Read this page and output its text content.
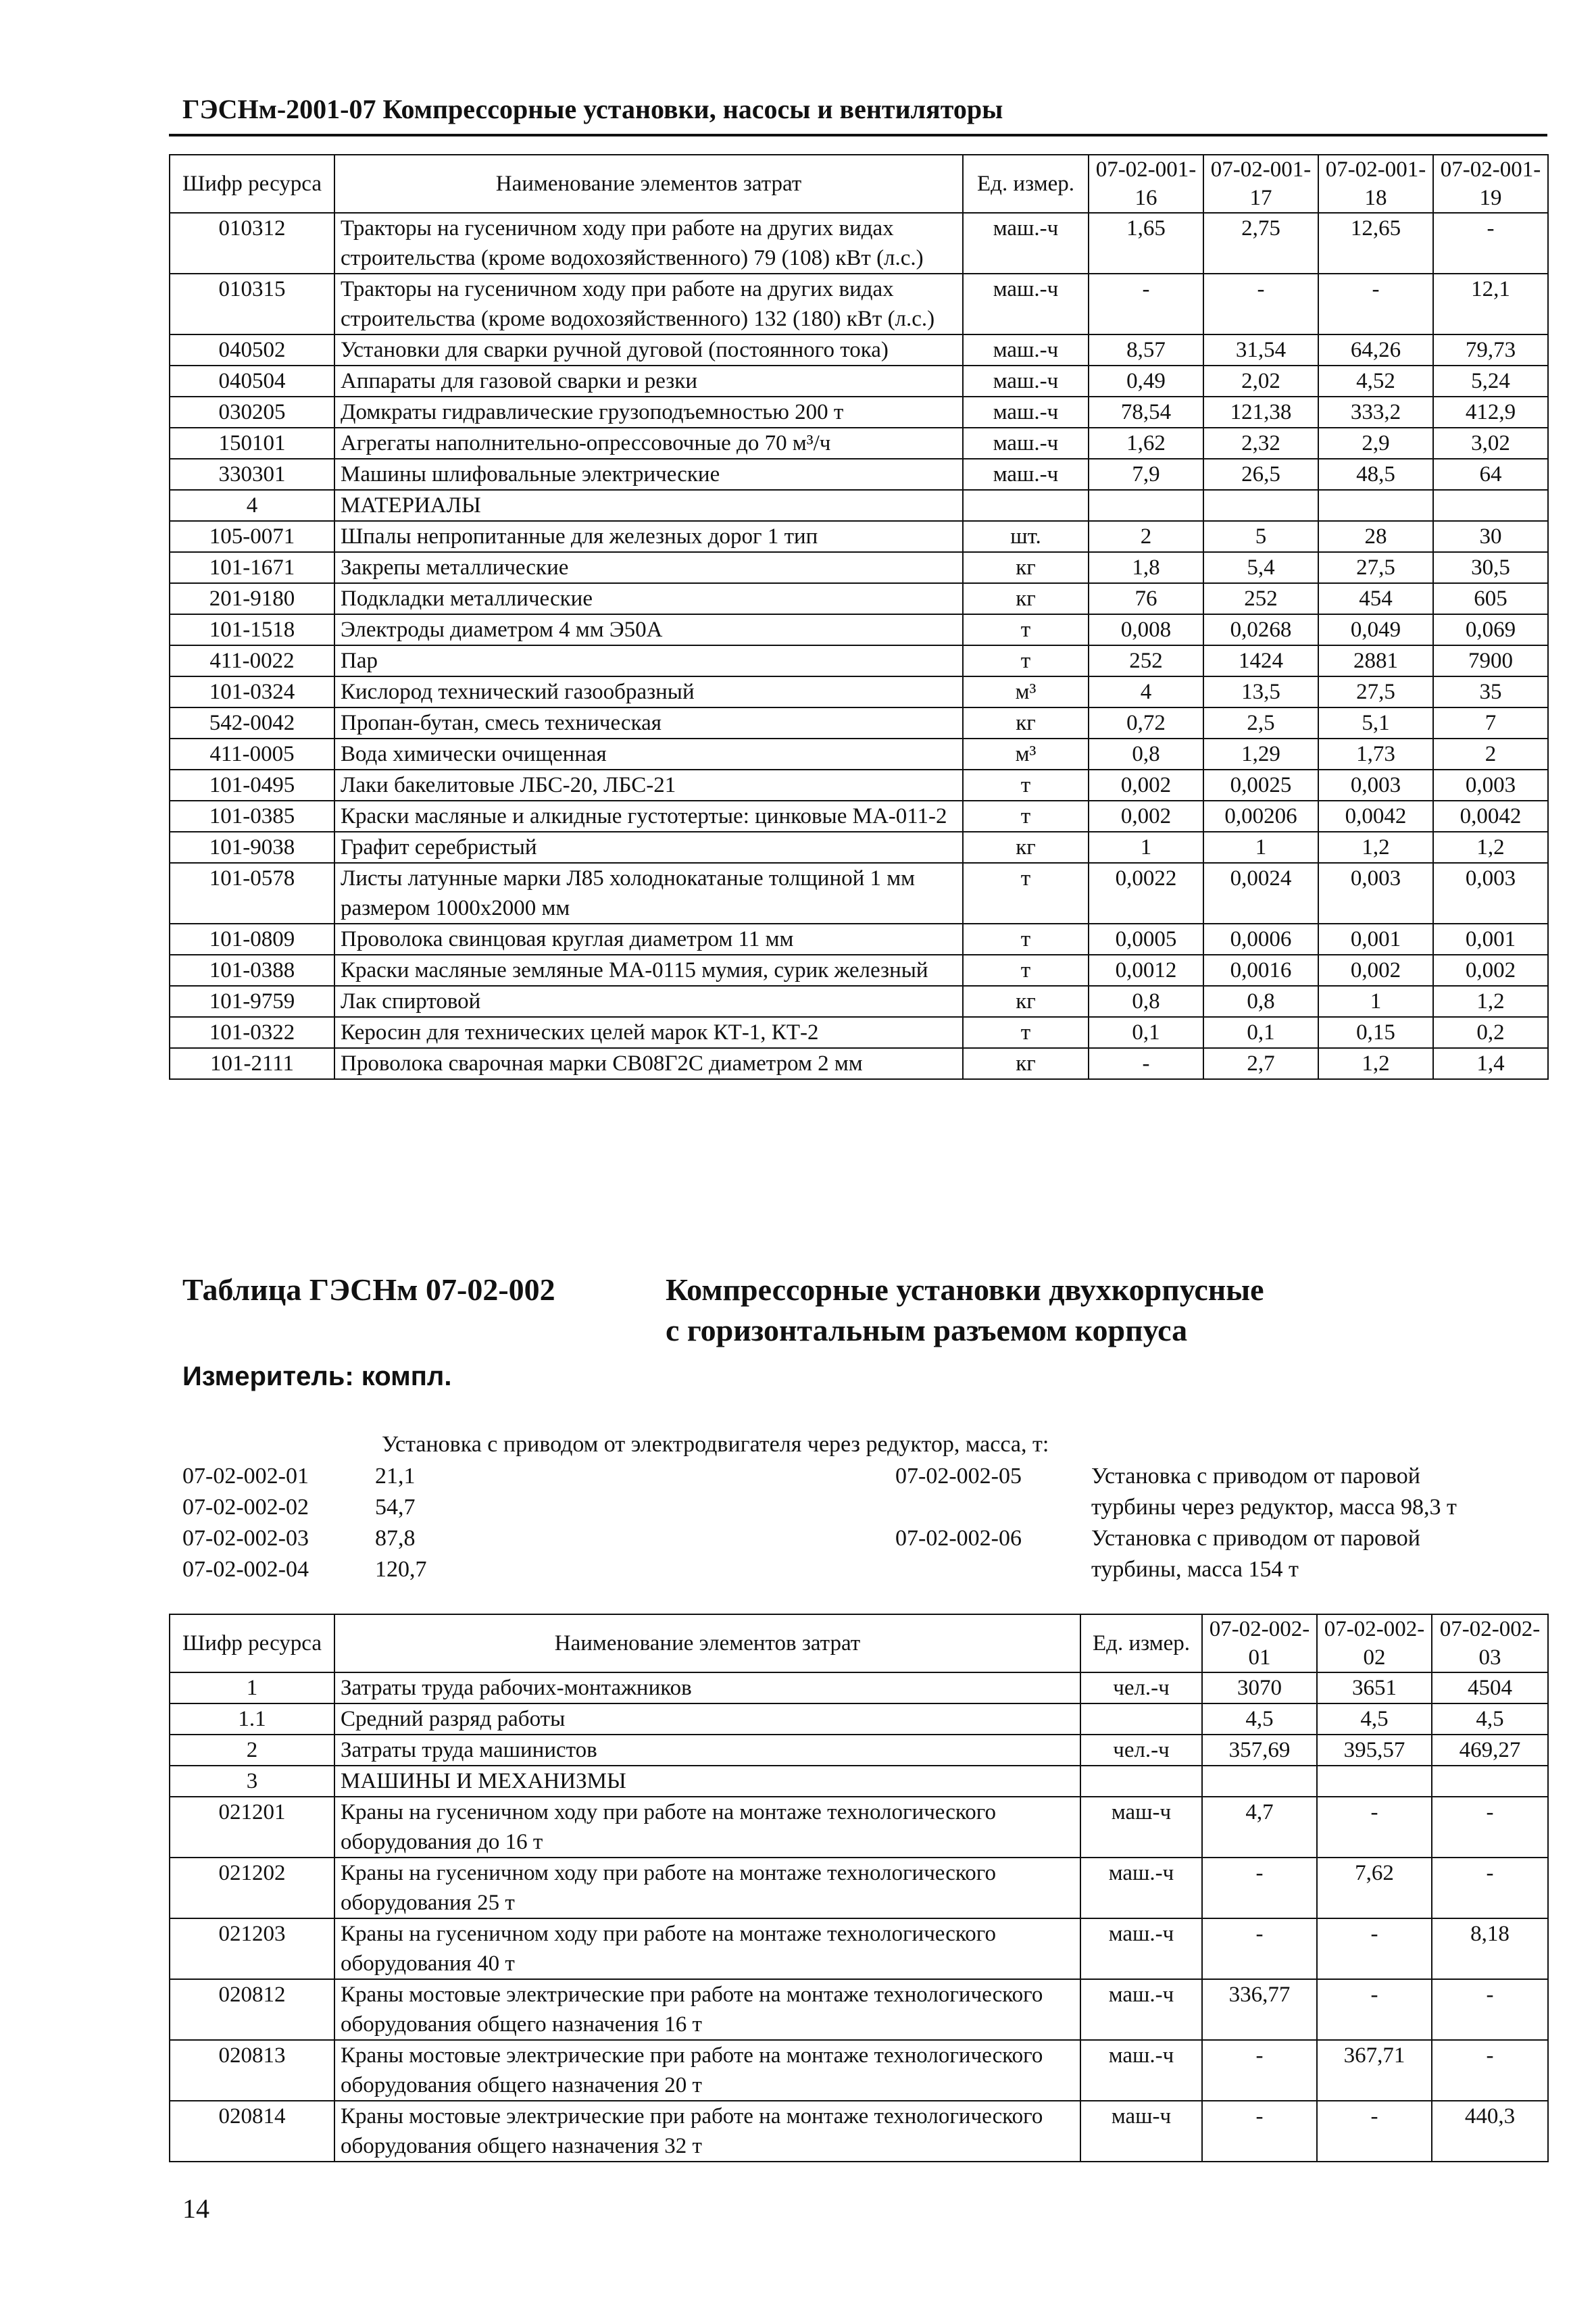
ГЭСНм-2001-07 Компрессорные установки, насосы и вентиляторы
Шифр ресурса	Наименование элементов затрат	Ед. измер.	07-02-001-16	07-02-001-17	07-02-001-18	07-02-001-19
010312	Тракторы на гусеничном ходу при работе на других видах строительства (кроме водохозяйственного) 79 (108) кВт (л.с.)	маш.-ч	1,65	2,75	12,65	-
010315	Тракторы на гусеничном ходу при работе на других видах строительства (кроме водохозяйственного) 132 (180) кВт (л.с.)	маш.-ч	-	-	-	12,1
040502	Установки для сварки ручной дуговой (постоянного тока)	маш.-ч	8,57	31,54	64,26	79,73
040504	Аппараты для газовой сварки и резки	маш.-ч	0,49	2,02	4,52	5,24
030205	Домкраты гидравлические грузоподъемностью 200 т	маш.-ч	78,54	121,38	333,2	412,9
150101	Агрегаты наполнительно-опрессовочные до 70 м³/ч	маш.-ч	1,62	2,32	2,9	3,02
330301	Машины шлифовальные электрические	маш.-ч	7,9	26,5	48,5	64
4	МАТЕРИАЛЫ					
105-0071	Шпалы непропитанные для железных дорог 1 тип	шт.	2	5	28	30
101-1671	Закрепы металлические	кг	1,8	5,4	27,5	30,5
201-9180	Подкладки металлические	кг	76	252	454	605
101-1518	Электроды диаметром 4 мм Э50А	т	0,008	0,0268	0,049	0,069
411-0022	Пар	т	252	1424	2881	7900
101-0324	Кислород технический газообразный	м³	4	13,5	27,5	35
542-0042	Пропан-бутан, смесь техническая	кг	0,72	2,5	5,1	7
411-0005	Вода химически очищенная	м³	0,8	1,29	1,73	2
101-0495	Лаки бакелитовые ЛБС-20, ЛБС-21	т	0,002	0,0025	0,003	0,003
101-0385	Краски масляные и алкидные густотертые: цинковые МА-011-2	т	0,002	0,00206	0,0042	0,0042
101-9038	Графит серебристый	кг	1	1	1,2	1,2
101-0578	Листы латунные марки Л85 холоднокатаные толщиной 1 мм размером 1000х2000 мм	т	0,0022	0,0024	0,003	0,003
101-0809	Проволока свинцовая круглая диаметром 11 мм	т	0,0005	0,0006	0,001	0,001
101-0388	Краски масляные земляные МА-0115 мумия, сурик железный	т	0,0012	0,0016	0,002	0,002
101-9759	Лак спиртовой	кг	0,8	0,8	1	1,2
101-0322	Керосин для технических целей марок КТ-1, КТ-2	т	0,1	0,1	0,15	0,2
101-2111	Проволока сварочная марки СВ08Г2С диаметром 2 мм	кг	-	2,7	1,2	1,4
Таблица ГЭСНм 07-02-002	Компрессорные установки двухкорпусные
с горизонтальным разъемом корпуса
Измеритель: компл.
Установка с приводом от электродвигателя через редуктор, масса, т:
07-02-002-01	21,1
07-02-002-02	54,7
07-02-002-03	87,8
07-02-002-04	120,7
07-02-002-05	Установка с приводом от паровой
турбины через редуктор, масса 98,3 т
07-02-002-06	Установка с приводом от паровой
турбины, масса 154 т
Шифр ресурса	Наименование элементов затрат	Ед. измер.	07-02-002-01	07-02-002-02	07-02-002-03
1	Затраты труда рабочих-монтажников	чел.-ч	3070	3651	4504
1.1	Средний разряд работы		4,5	4,5	4,5
2	Затраты труда машинистов	чел.-ч	357,69	395,57	469,27
3	МАШИНЫ И МЕХАНИЗМЫ				
021201	Краны на гусеничном ходу при работе на монтаже технологического оборудования до 16 т	маш-ч	4,7	-	-
021202	Краны на гусеничном ходу при работе на монтаже технологического оборудования 25 т	маш.-ч	-	7,62	-
021203	Краны на гусеничном ходу при работе на монтаже технологического оборудования 40 т	маш.-ч	-	-	8,18
020812	Краны мостовые электрические при работе на монтаже технологического оборудования общего назначения 16 т	маш.-ч	336,77	-	-
020813	Краны мостовые электрические при работе на монтаже технологического оборудования общего назначения 20 т	маш.-ч	-	367,71	-
020814	Краны мостовые электрические при работе на монтаже технологического оборудования общего назначения 32 т	маш-ч	-	-	440,3
14
